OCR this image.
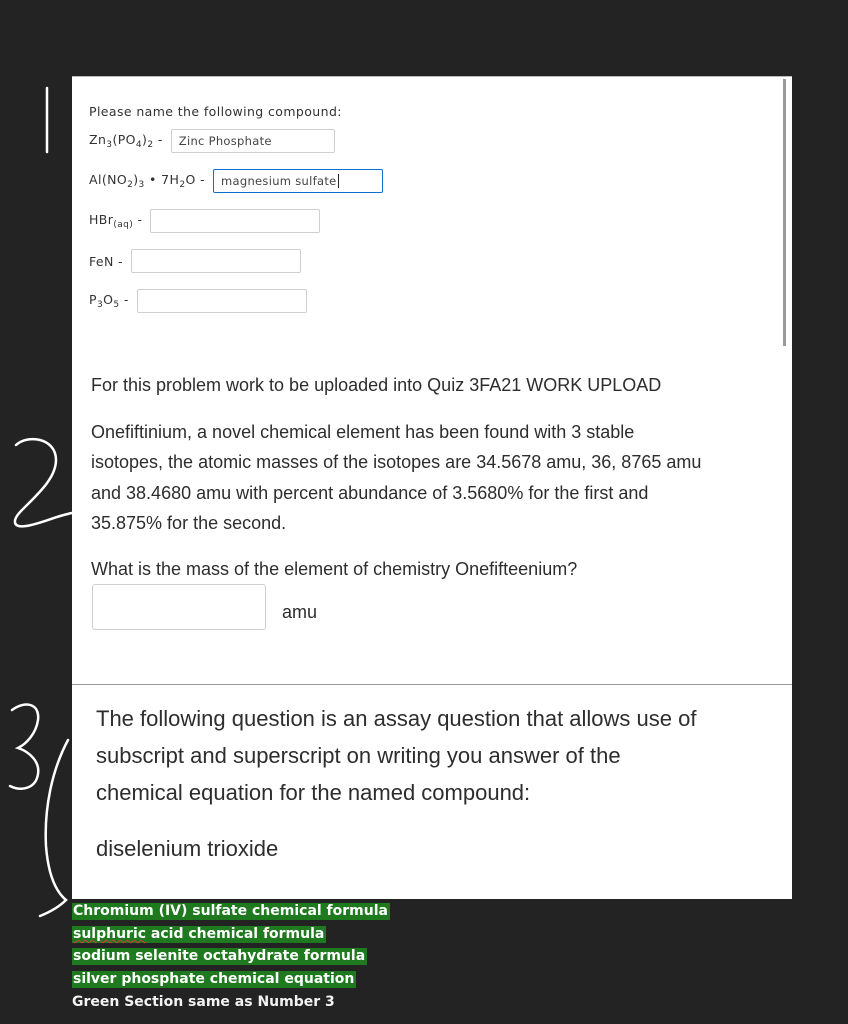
Please name the following compound:
$Zn_3(PO_4)_2$ - Zinc Phosphate
$Al(NO_2)_3$ • $7H_2O$ - magnesium sulfate
HBr$_{(aq)}$ -
FeN -
$P_3O_5$ -
For this problem work to be uploaded into Quiz 3FA21 WORK UPLOAD
Onefiftinium, a novel chemical element has been found with 3 stable
isotopes, the atomic masses of the isotopes are 34.5678 amu, 36, 8765 amu
and 38.4680 amu with percent abundance of 3.5680% for the first and
35.875% for the second.
What is the mass of the element of chemistry Onefifteenium?
amu
The following question is an assay question that allows use of
subscript and superscript on writing you answer of the
chemical equation for the named compound:
diselenium trioxide
Chromium (IV) sulfate chemical formula
sulphuric acid chemical formula
sodium selenite octahydrate formula
silver phosphate chemical equation
Green Section same as Number 3
